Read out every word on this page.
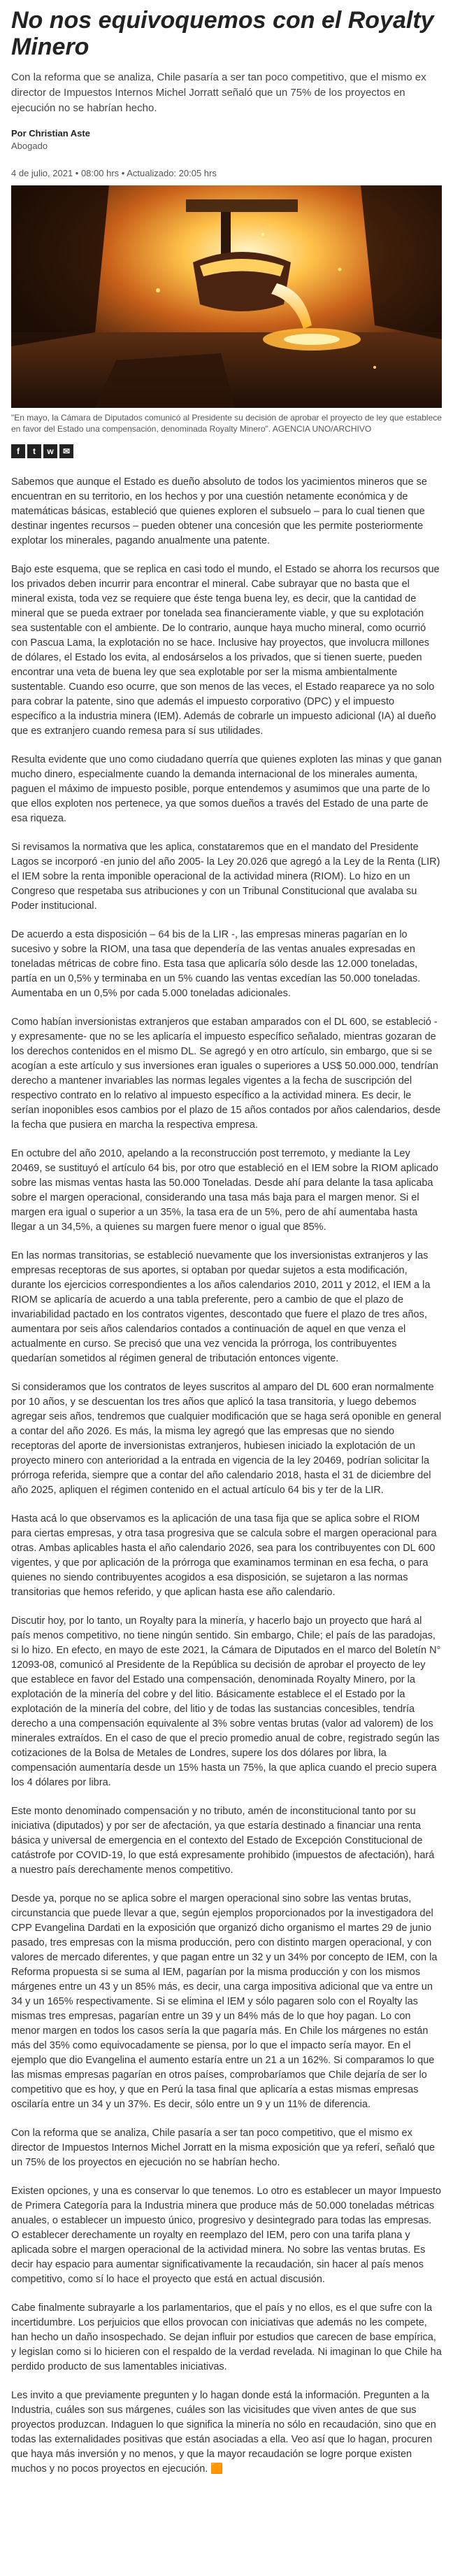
No nos equivoquemos con el Royalty Minero

Con la reforma que se analiza, Chile pasaría a ser tan poco competitivo, que el mismo ex director de Impuestos Internos Michel Jorratt señaló que un 75% de los proyectos en ejecución no se habrían hecho.

Por Christian Aste
Abogado
4 de julio, 2021 • 08:00 hrs • Actualizado: 20:05 hrs

"En mayo, la Cámara de Diputados comunicó al Presidente su decisión de aprobar el proyecto de ley que establece en favor del Estado una compensación, denominada Royalty Minero". AGENCIA UNO/ARCHIVO

f	t	w	✉

Sabemos que aunque el Estado es dueño absoluto de todos los yacimientos mineros que se encuentran en su territorio, en los hechos y por una cuestión netamente económica y de matemáticas básicas, estableció que quienes exploren el subsuelo – para lo cual tienen que destinar ingentes recursos – pueden obtener una concesión que les permite posteriormente explotar los minerales, pagando anualmente una patente.

Bajo este esquema, que se replica en casi todo el mundo, el Estado se ahorra los recursos que los privados deben incurrir para encontrar el mineral. Cabe subrayar que no basta que el mineral exista, toda vez se requiere que éste tenga buena ley, es decir, que la cantidad de mineral que se pueda extraer por tonelada sea financieramente viable, y que su explotación sea sustentable con el ambiente. De lo contrario, aunque haya mucho mineral, como ocurrió con Pascua Lama, la explotación no se hace. Inclusive hay proyectos, que involucra millones de dólares, el Estado los evita, al endosárselos a los privados, que si tienen suerte, pueden encontrar una veta de buena ley que sea explotable por ser la misma ambientalmente sustentable. Cuando eso ocurre, que son menos de las veces, el Estado reaparece ya no solo para cobrar la patente, sino que además el impuesto corporativo (DPC) y el impuesto específico a la industria minera (IEM). Además de cobrarle un impuesto adicional (IA) al dueño que es extranjero cuando remesa para sí sus utilidades.

Resulta evidente que uno como ciudadano querría que quienes exploten las minas y que ganan mucho dinero, especialmente cuando la demanda internacional de los minerales aumenta, paguen el máximo de impuesto posible, porque entendemos y asumimos que una parte de lo que ellos exploten nos pertenece, ya que somos dueños a través del Estado de una parte de esa riqueza.

Si revisamos la normativa que les aplica, constataremos que en el mandato del Presidente Lagos se incorporó -en junio del año 2005- la Ley 20.026 que agregó a la Ley de la Renta (LIR) el IEM sobre la renta imponible operacional de la actividad minera (RIOM). Lo hizo en un Congreso que respetaba sus atribuciones y con un Tribunal Constitucional que avalaba su Poder institucional.

De acuerdo a esta disposición – 64 bis de la LIR -, las empresas mineras pagarían en lo sucesivo y sobre la RIOM, una tasa que dependería de las ventas anuales expresadas en toneladas métricas de cobre fino. Esta tasa que aplicaría sólo desde las 12.000 toneladas, partía en un 0,5% y terminaba en un 5% cuando las ventas excedían las 50.000 toneladas. Aumentaba en un 0,5% por cada 5.000 toneladas adicionales.

Como habían inversionistas extranjeros que estaban amparados con el DL 600, se estableció -y expresamente- que no se les aplicaría el impuesto específico señalado, mientras gozaran de los derechos contenidos en el mismo DL. Se agregó y en otro artículo, sin embargo, que si se acogían a este artículo y sus inversiones eran iguales o superiores a US$ 50.000.000, tendrían derecho a mantener invariables las normas legales vigentes a la fecha de suscripción del respectivo contrato en lo relativo al impuesto específico a la actividad minera. Es decir, le serían inoponibles esos cambios por el plazo de 15 años contados por años calendarios, desde la fecha que pusiera en marcha la respectiva empresa.

En octubre del año 2010, apelando a la reconstrucción post terremoto, y mediante la Ley 20469, se sustituyó el artículo 64 bis, por otro que estableció en el IEM sobre la RIOM aplicado sobre las mismas ventas hasta las 50.000 Toneladas. Desde ahí para delante la tasa aplicaba sobre el margen operacional, considerando una tasa más baja para el margen menor. Si el margen era igual o superior a un 35%, la tasa era de un 5%, pero de ahí aumentaba hasta llegar a un 34,5%, a quienes su margen fuere menor o igual que 85%.

En las normas transitorias, se estableció nuevamente que los inversionistas extranjeros y las empresas receptoras de sus aportes, si optaban por quedar sujetos a esta modificación, durante los ejercicios correspondientes a los años calendarios 2010, 2011 y 2012, el IEM a la RIOM se aplicaría de acuerdo a una tabla preferente, pero a cambio de que el plazo de invariabilidad pactado en los contratos vigentes, descontado que fuere el plazo de tres años, aumentara por seis años calendarios contados a continuación de aquel en que venza el actualmente en curso. Se precisó que una vez vencida la prórroga, los contribuyentes quedarían sometidos al régimen general de tributación entonces vigente.

Si consideramos que los contratos de leyes suscritos al amparo del DL 600 eran normalmente por 10 años, y se descuentan los tres años que aplicó la tasa transitoria, y luego debemos agregar seis años, tendremos que cualquier modificación que se haga será oponible en general a contar del año 2026. Es más, la misma ley agregó que las empresas que no siendo receptoras del aporte de inversionistas extranjeros, hubiesen iniciado la explotación de un proyecto minero con anterioridad a la entrada en vigencia de la ley 20469, podrían solicitar la prórroga referida, siempre que a contar del año calendario 2018, hasta el 31 de diciembre del año 2025, apliquen el régimen contenido en el actual artículo 64 bis y ter de la LIR.

Hasta acá lo que observamos es la aplicación de una tasa fija que se aplica sobre el RIOM para ciertas empresas, y otra tasa progresiva que se calcula sobre el margen operacional para otras. Ambas aplicables hasta el año calendario 2026, sea para los contribuyentes con DL 600 vigentes, y que por aplicación de la prórroga que examinamos terminan en esa fecha, o para quienes no siendo contribuyentes acogidos a esa disposición, se sujetaron a las normas transitorias que hemos referido, y que aplican hasta ese año calendario.

Discutir hoy, por lo tanto, un Royalty para la minería, y hacerlo bajo un proyecto que hará al país menos competitivo, no tiene ningún sentido. Sin embargo, Chile; el país de las paradojas, si lo hizo. En efecto, en mayo de este 2021, la Cámara de Diputados en el marco del Boletín N° 12093-08, comunicó al Presidente de la República su decisión de aprobar el proyecto de ley que establece en favor del Estado una compensación, denominada Royalty Minero, por la explotación de la minería del cobre y del litio. Básicamente establece el el Estado por la explotación de la minería del cobre, del litio y de todas las sustancias concesibles, tendría derecho a una compensación equivalente al 3% sobre ventas brutas (valor ad valorem) de los minerales extraídos. En el caso de que el precio promedio anual de cobre, registrado según las cotizaciones de la Bolsa de Metales de Londres, supere los dos dólares por libra, la compensación aumentaría desde un 15% hasta un 75%, la que aplica cuando el precio supera los 4 dólares por libra.

Este monto denominado compensación y no tributo, amén de inconstitucional tanto por su iniciativa (diputados) y por ser de afectación, ya que estaría destinado a financiar una renta básica y universal de emergencia en el contexto del Estado de Excepción Constitucional de catástrofe por COVID-19, lo que está expresamente prohibido (impuestos de afectación), hará a nuestro país derechamente menos competitivo.

Desde ya, porque no se aplica sobre el margen operacional sino sobre las ventas brutas, circunstancia que puede llevar a que, según ejemplos proporcionados por la investigadora del CPP Evangelina Dardati en la exposición que organizó dicho organismo el martes 29 de junio pasado, tres empresas con la misma producción, pero con distinto margen operacional, y con valores de mercado diferentes, y que pagan entre un 32 y un 34% por concepto de IEM, con la Reforma propuesta si se suma al IEM, pagarían por la misma producción y con los mismos márgenes entre un 43 y un 85% más, es decir, una carga impositiva adicional que va entre un 34 y un 165% respectivamente. Si se elimina el IEM y sólo pagaren solo con el Royalty las mismas tres empresas, pagarían entre un 39 y un 84% más de lo que hoy pagan. Lo con menor margen en todos los casos sería la que pagaría más. En Chile los márgenes no están más del 35% como equivocadamente se piensa, por lo que el impacto sería mayor. En el ejemplo que dio Evangelina el aumento estaría entre un 21 a un 162%. Si comparamos lo que las mismas empresas pagarían en otros países, comprobaríamos que Chile dejaría de ser lo competitivo que es hoy, y que en Perú la tasa final que aplicaría a estas mismas empresas oscilaría entre un 34 y un 37%. Es decir, sólo entre un 9 y un 11% de diferencia.

Con la reforma que se analiza, Chile pasaría a ser tan poco competitivo, que el mismo ex director de Impuestos Internos Michel Jorratt en la misma exposición que ya referí, señaló que un 75% de los proyectos en ejecución no se habrían hecho.

Existen opciones, y una es conservar lo que tenemos. Lo otro es establecer un mayor Impuesto de Primera Categoría para la Industria minera que produce más de 50.000 toneladas métricas anuales, o establecer un impuesto único, progresivo y desintegrado para todas las empresas. O establecer derechamente un royalty en reemplazo del IEM, pero con una tarifa plana y aplicada sobre el margen operacional de la actividad minera. No sobre las ventas brutas. Es decir hay espacio para aumentar significativamente la recaudación, sin hacer al país menos competitivo, como sí lo hace el proyecto que está en actual discusión.

Cabe finalmente subrayarle a los parlamentarios, que el país y no ellos, es el que sufre con la incertidumbre. Los perjuicios que ellos provocan con iniciativas que además no les compete, han hecho un daño insospechado. Se dejan influir por estudios que carecen de base empírica, y legislan como si lo hicieren con el respaldo de la verdad revelada. Ni imaginan lo que Chile ha perdido producto de sus lamentables iniciativas.

Les invito a que previamente pregunten y lo hagan donde está la información. Pregunten a la Industria, cuáles son sus márgenes, cuáles son las vicisitudes que viven antes de que sus proyectos produzcan. Indaguen lo que significa la minería no sólo en recaudación, sino que en todas las externalidades positivas que están asociadas a ella. Veo así que lo hagan, procuren que haya más inversión y no menos, y que la mayor recaudación se logre porque existen muchos y no pocos proyectos en ejecución. 🟧
